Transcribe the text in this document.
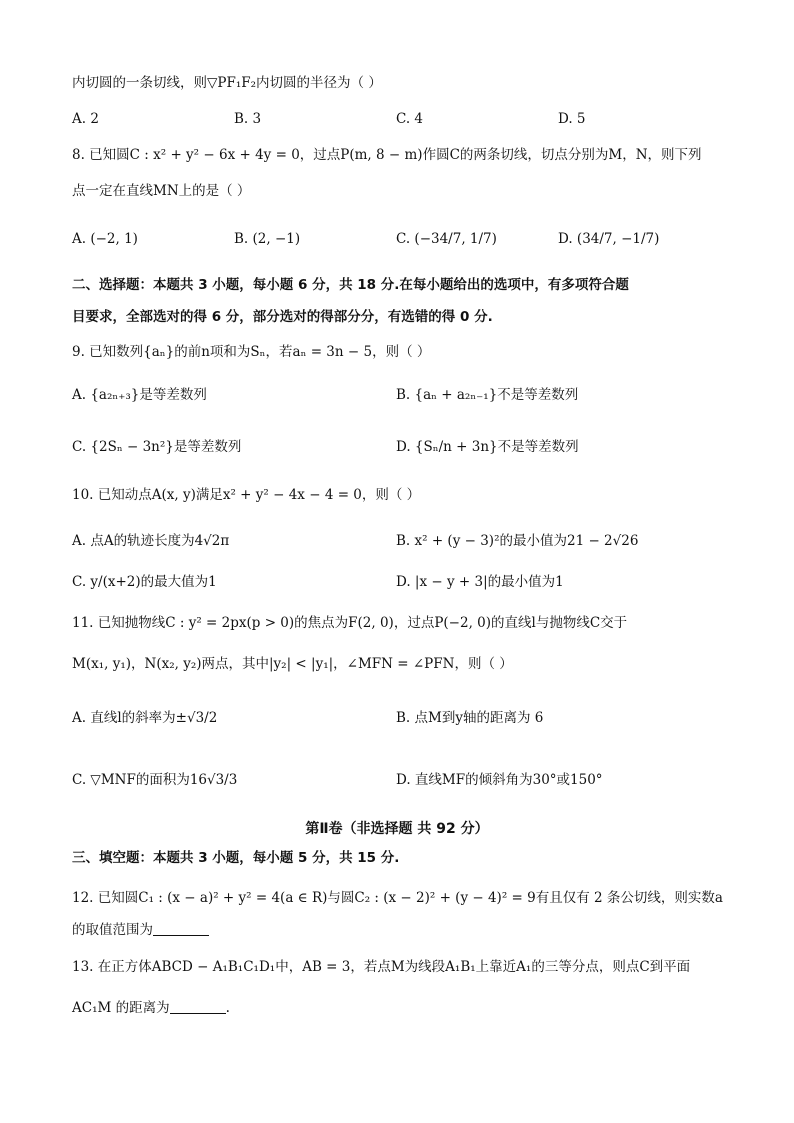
内切圆的一条切线，则▽PF₁F₂内切圆的半径为（ ）
A. 2	B. 3	C. 4	D. 5
8. 已知圆C : x² + y² − 6x + 4y = 0，过点P(m, 8 − m)作圆C的两条切线，切点分别为M，N，则下列
点一定在直线MN上的是（ ）
A. (−2, 1)	B. (2, −1)	C. (−34/7, 1/7)	D. (34/7, −1/7)
二、选择题：本题共 3 小题，每小题 6 分，共 18 分.在每小题给出的选项中，有多项符合题
目要求，全部选对的得 6 分，部分选对的得部分分，有选错的得 0 分.
9. 已知数列{aₙ}的前n项和为Sₙ，若aₙ = 3n − 5，则（ ）
A. {a₂ₙ₊₃}是等差数列	B. {aₙ + a₂ₙ₋₁}不是等差数列
C. {2Sₙ − 3n²}是等差数列	D. {Sₙ/n + 3n}不是等差数列
10. 已知动点A(x, y)满足x² + y² − 4x − 4 = 0，则（ ）
A. 点A的轨迹长度为4√2π	B. x² + (y − 3)²的最小值为21 − 2√26
C. y/(x+2)的最大值为1	D. |x − y + 3|的最小值为1
11. 已知抛物线C : y² = 2px(p > 0)的焦点为F(2, 0)，过点P(−2, 0)的直线l与抛物线C交于
M(x₁, y₁)，N(x₂, y₂)两点，其中|y₂| < |y₁|，∠MFN = ∠PFN，则（ ）
A. 直线l的斜率为±√3/2	B. 点M到y轴的距离为 6
C. ▽MNF的面积为16√3/3	D. 直线MF的倾斜角为30°或150°
第Ⅱ卷（非选择题 共 92 分）
三、填空题：本题共 3 小题，每小题 5 分，共 15 分.
12. 已知圆C₁ : (x − a)² + y² = 4(a ∈ R)与圆C₂ : (x − 2)² + (y − 4)² = 9有且仅有 2 条公切线，则实数a
的取值范围为
13. 在正方体ABCD − A₁B₁C₁D₁中，AB = 3，若点M为线段A₁B₁上靠近A₁的三等分点，则点C到平面
AC₁M 的距离为	.
